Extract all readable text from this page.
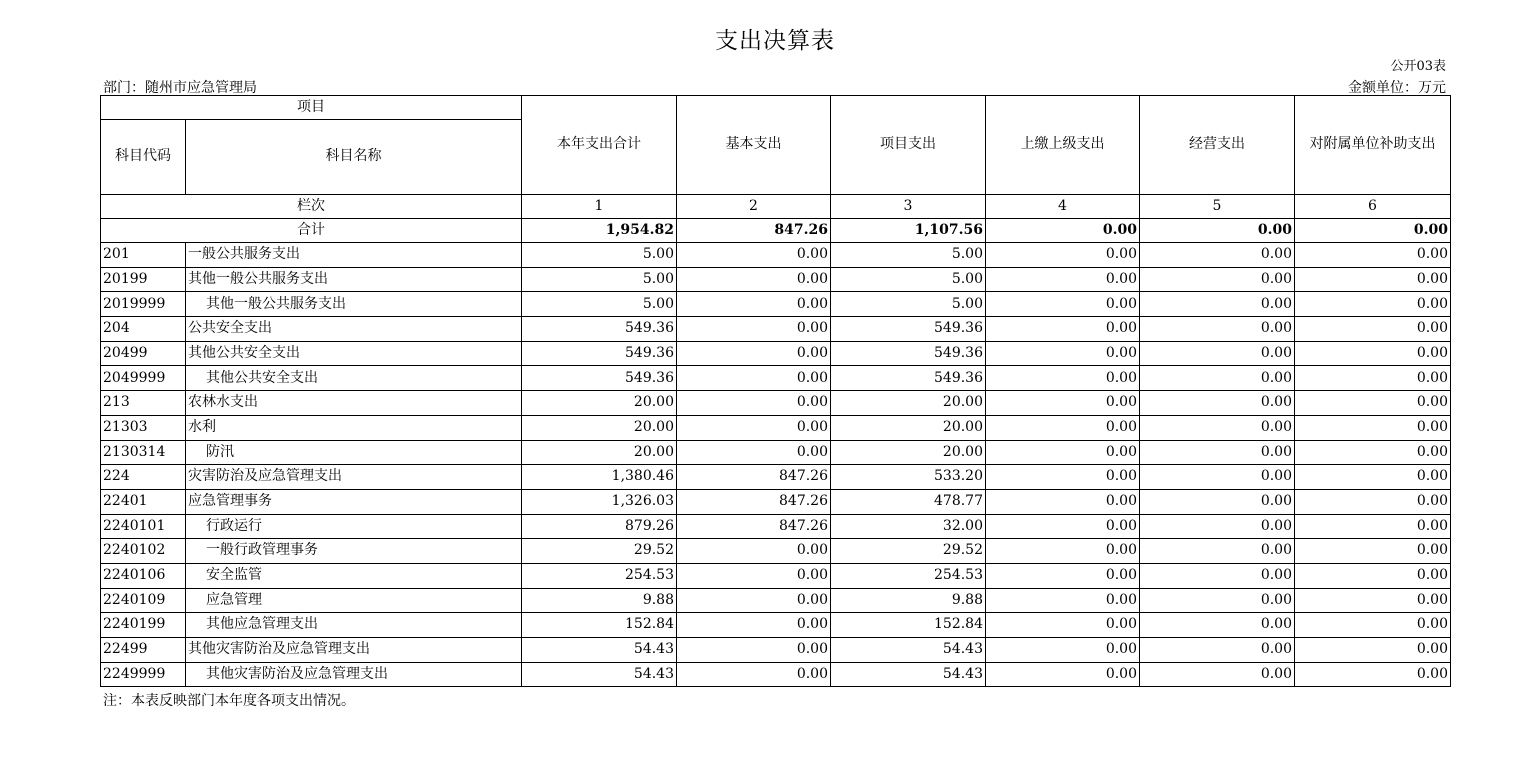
支出决算表
公开03表
部门：随州市应急管理局	金额单位：万元
项目		本年支出合计	基本支出	项目支出	上缴上级支出	经营支出	对附属单位补助支出
科目代码	科目名称						
栏次		1	2	3	4	5	6
合计		1,954.82	847.26	1,107.56	0.00	0.00	0.00
201	一般公共服务支出	5.00	0.00	5.00	0.00	0.00	0.00
20199	其他一般公共服务支出	5.00	0.00	5.00	0.00	0.00	0.00
2019999	其他一般公共服务支出	5.00	0.00	5.00	0.00	0.00	0.00
204	公共安全支出	549.36	0.00	549.36	0.00	0.00	0.00
20499	其他公共安全支出	549.36	0.00	549.36	0.00	0.00	0.00
2049999	其他公共安全支出	549.36	0.00	549.36	0.00	0.00	0.00
213	农林水支出	20.00	0.00	20.00	0.00	0.00	0.00
21303	水利	20.00	0.00	20.00	0.00	0.00	0.00
2130314	防汛	20.00	0.00	20.00	0.00	0.00	0.00
224	灾害防治及应急管理支出	1,380.46	847.26	533.20	0.00	0.00	0.00
22401	应急管理事务	1,326.03	847.26	478.77	0.00	0.00	0.00
2240101	行政运行	879.26	847.26	32.00	0.00	0.00	0.00
2240102	一般行政管理事务	29.52	0.00	29.52	0.00	0.00	0.00
2240106	安全监管	254.53	0.00	254.53	0.00	0.00	0.00
2240109	应急管理	9.88	0.00	9.88	0.00	0.00	0.00
2240199	其他应急管理支出	152.84	0.00	152.84	0.00	0.00	0.00
22499	其他灾害防治及应急管理支出	54.43	0.00	54.43	0.00	0.00	0.00
2249999	其他灾害防治及应急管理支出	54.43	0.00	54.43	0.00	0.00	0.00
注：本表反映部门本年度各项支出情况。
